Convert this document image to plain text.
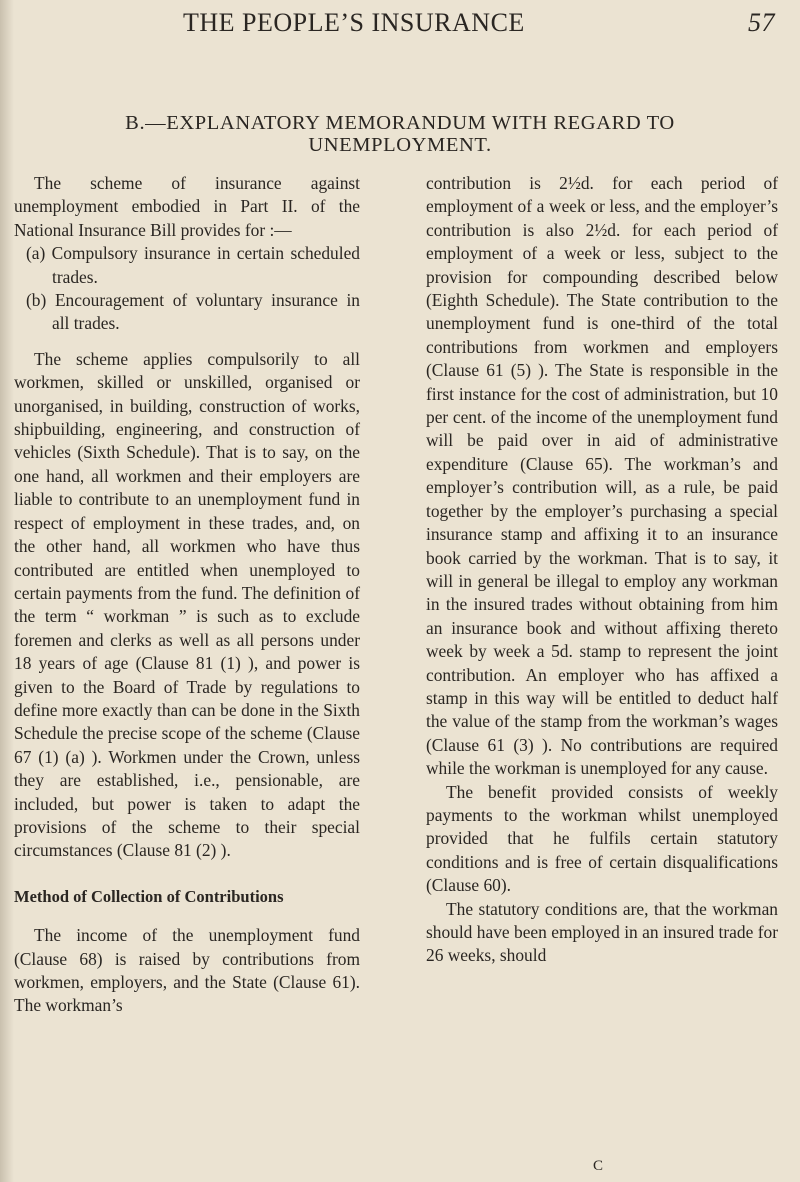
THE PEOPLE’S INSURANCE	57
B.—EXPLANATORY MEMORANDUM WITH REGARD TO
UNEMPLOYMENT.

The scheme of insurance against unemployment embodied in Part II. of the National Insurance Bill provides for :—

(a) Compulsory insurance in certain scheduled trades.

(b) Encouragement of voluntary insurance in all trades.

The scheme applies compulsorily to all workmen, skilled or unskilled, organised or unorganised, in building, construction of works, shipbuilding, engineering, and construction of vehicles (Sixth Schedule). That is to say, on the one hand, all workmen and their employers are liable to contribute to an unemployment fund in respect of employment in these trades, and, on the other hand, all workmen who have thus contributed are entitled when unemployed to certain payments from the fund. The definition of the term “ workman ” is such as to exclude foremen and clerks as well as all persons under 18 years of age (Clause 81 (1) ), and power is given to the Board of Trade by regulations to define more exactly than can be done in the Sixth Schedule the precise scope of the scheme (Clause 67 (1) (a) ). Workmen under the Crown, unless they are established, i.e., pensionable, are included, but power is taken to adapt the provisions of the scheme to their special circumstances (Clause 81 (2) ).

Method of Collection of Contributions

The income of the unemployment fund (Clause 68) is raised by contributions from workmen, employers, and the State (Clause 61). The workman’s

contribution is 2½d. for each period of employment of a week or less, and the employer’s contribution is also 2½d. for each period of employment of a week or less, subject to the provision for compounding described below (Eighth Schedule). The State contribution to the unemployment fund is one-third of the total contributions from workmen and employers (Clause 61 (5) ). The State is responsible in the first instance for the cost of administration, but 10 per cent. of the income of the unemployment fund will be paid over in aid of administrative expenditure (Clause 65). The workman’s and employer’s contribution will, as a rule, be paid together by the employer’s purchasing a special insurance stamp and affixing it to an insurance book carried by the workman. That is to say, it will in general be illegal to employ any workman in the insured trades without obtaining from him an insurance book and without affixing thereto week by week a 5d. stamp to represent the joint contribution. An employer who has affixed a stamp in this way will be entitled to deduct half the value of the stamp from the workman’s wages (Clause 61 (3) ). No contributions are required while the workman is unemployed for any cause.

The benefit provided consists of weekly payments to the workman whilst unemployed provided that he fulfils certain statutory conditions and is free of certain disqualifications (Clause 60).

The statutory conditions are, that the workman should have been employed in an insured trade for 26 weeks, should

C
